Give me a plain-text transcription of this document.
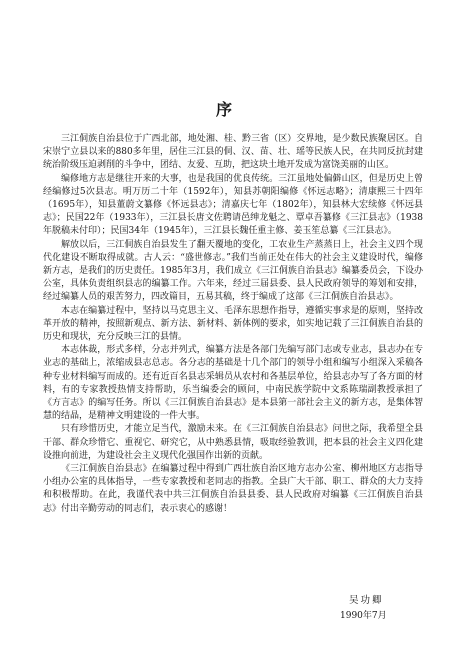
序

三江侗族自治县位于广西北部，地处湘、桂、黔三省（区）交界地，是少数民族聚居区。自宋崇宁立县以来的880多年里，居住三江县的侗、汉、苗、壮、瑶等民族人民，在共同反抗封建统治阶级压迫剥削的斗争中，团结、友爱、互助，把这块土地开发成为富饶美丽的山区。

编修地方志是继往开来的大事，也是我国的优良传统。三江虽地处偏僻山区，但是历史上曾经编修过5次县志。明万历二十年（1592年），知县苏朝阳编修《怀远志略》；清康熙三十四年（1695年），知县董蔚文纂修《怀远县志》；清嘉庆七年（1802年），知县林大宏续修《怀远县志》；民国22年（1933年），三江县长唐文佐聘请邑绅龙魁之、覃卓吾纂修《三江县志》（1938年脱稿未付印）；民国34年（1945年），三江县长魏任重主修、姜玉笙总纂《三江县志》。

解放以后，三江侗族自治县发生了翻天覆地的变化，工农业生产蒸蒸日上，社会主义四个现代化建设不断取得成就。古人云：“盛世修志。”我们当前正处在伟大的社会主义建设时代，编修新方志，是我们的历史责任。1985年3月，我们成立《三江侗族自治县志》编纂委员会，下设办公室，具体负责组织县志的编纂工作。六年来，经过三届县委、县人民政府领导的筹划和安排，经过编纂人员的艰苦努力，四改篇目，五易其稿，终于编成了这部《三江侗族自治县志》。

本志在编纂过程中，坚持以马克思主义、毛泽东思想作指导，遵循实事求是的原则，坚持改革开放的精神，按照新观点、新方法、新材料、新体例的要求，如实地记载了三江侗族自治县的历史和现状，充分反映三江的县情。

本志体裁，形式多样，分志并列式，编纂方法是各部门先编写部门志或专业志，县志办在专业志的基础上，浓缩成县志总志。各分志的基础是十几个部门的领导小组和编写小组深入采稿各种专业材料编写而成的。还有近百名县志采辑员从农村和各基层单位，给县志办写了各方面的材料，有的专家教授热情支持帮助，乐当编委会的顾问，中南民族学院中文系陈瑞副教授承担了《方言志》的编写任务。所以《三江侗族自治县志》是本县第一部社会主义的新方志，是集体智慧的结晶，是精神文明建设的一件大事。

只有珍惜历史，才能立足当代，激励未来。在《三江侗族自治县志》问世之际，我希望全县干部、群众珍惜它、重视它、研究它，从中熟悉县情，吸取经验教训，把本县的社会主义四化建设推向前进，为建设社会主义现代化强国作出新的贡献。

《三江侗族自治县志》在编纂过程中得到广西壮族自治区地方志办公室、柳州地区方志指导小组办公室的具体指导，一些专家教授和老同志的指教。全县广大干部、职工、群众的大力支持和积极帮助。在此，我谨代表中共三江侗族自治县县委、县人民政府对编纂《三江侗族自治县志》付出辛勤劳动的同志们，表示衷心的感谢！

吴功卿
1990年7月
